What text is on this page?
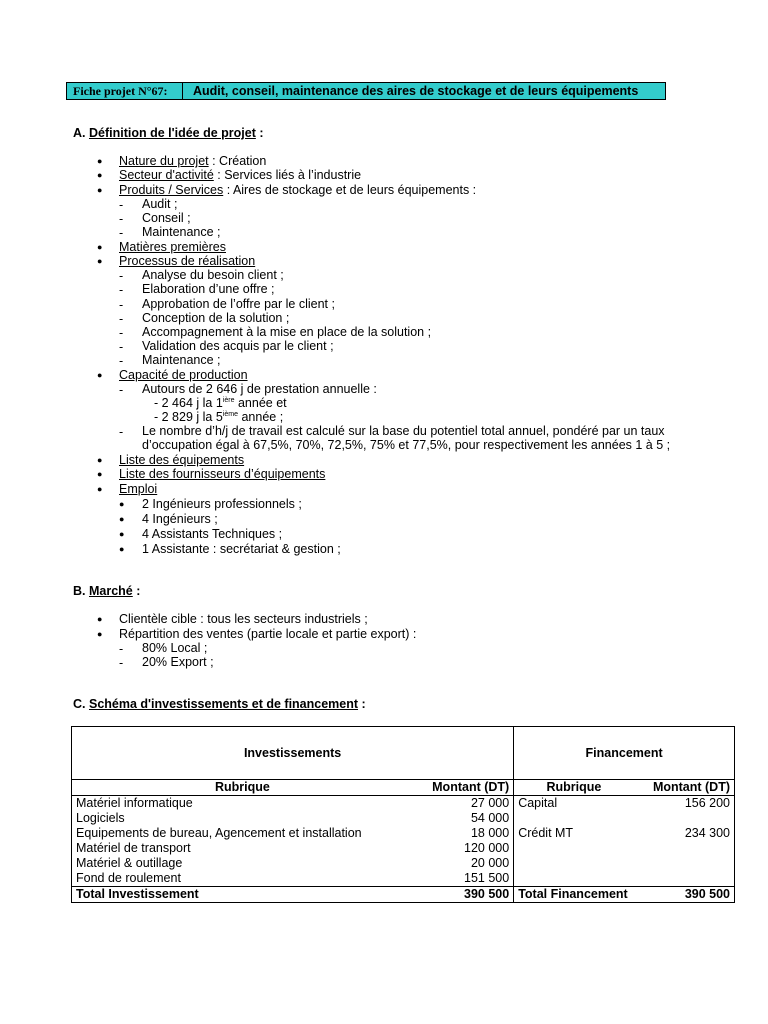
Fiche projet N°67:	Audit, conseil, maintenance des aires de stockage et de leurs équipements
A. Définition de l'idée de projet :
● Nature du projet : Création
● Secteur d'activité : Services liés à l’industrie
● Produits / Services : Aires de stockage et de leurs équipements :
- Audit ;
- Conseil ;
- Maintenance ;
● Matières premières
● Processus de réalisation
- Analyse du besoin client ;
- Elaboration d’une offre ;
- Approbation de l’offre par le client ;
- Conception de la solution ;
- Accompagnement à la mise en place de la solution ;
- Validation des acquis par le client ;
- Maintenance ;
● Capacité de production
- Autours de 2 646 j de prestation annuelle :
- 2 464 j la $1^{ière}$ année et
- 2 829 j la 5ième année ;
- Le nombre d’h/j de travail est calculé sur la base du potentiel total annuel, pondéré par un taux
d’occupation égal à 67,5%, 70%, 72,5%, 75% et 77,5%, pour respectivement les années 1 à 5 ;
● Liste des équipements
● Liste des fournisseurs d’équipements
● Emploi
● 2 Ingénieurs professionnels ;
● 4 Ingénieurs ;
● 4 Assistants Techniques ;
● 1 Assistante : secrétariat & gestion ;
B. Marché :
● Clientèle cible : tous les secteurs industriels ;
● Répartition des ventes (partie locale et partie export) :
- 80% Local ;
- 20% Export ;
C. Schéma d'investissements et de financement :
Investissements		Financement	
Rubrique	Montant (DT)	Rubrique	Montant (DT)
Matériel informatique	27 000	Capital	156 200
Logiciels	54 000		
Equipements de bureau, Agencement et installation	18 000	Crédit MT	234 300
Matériel de transport	120 000		
Matériel & outillage	20 000		
Fond de roulement	151 500		
Total Investissement	390 500	Total Financement	390 500
